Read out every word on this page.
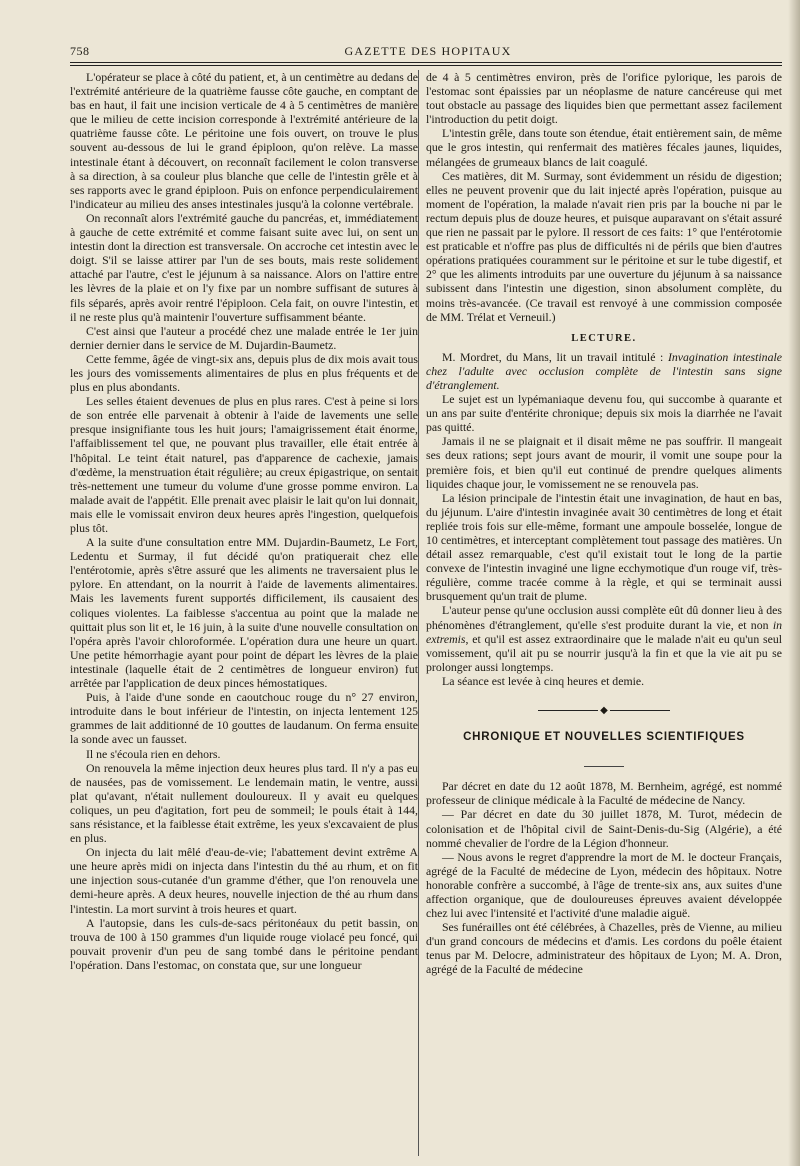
758	GAZETTE DES HOPITAUX

L'opérateur se place à côté du patient, et, à un centimètre au dedans de l'extrémité antérieure de la quatrième fausse côte gauche, en comptant de bas en haut, il fait une incision verticale de 4 à 5 centimètres de manière que le milieu de cette incision corresponde à l'extrémité antérieure de la quatrième fausse côte. Le péritoine une fois ouvert, on trouve le plus souvent au-dessous de lui le grand épiploon, qu'on relève. La masse intestinale étant à découvert, on reconnaît facilement le colon transverse à sa direction, à sa couleur plus blanche que celle de l'intestin grêle et à ses rapports avec le grand épiploon. Puis on enfonce perpendiculairement l'indicateur au milieu des anses intestinales jusqu'à la colonne vertébrale.

On reconnaît alors l'extrémité gauche du pancréas, et, immédiatement à gauche de cette extrémité et comme faisant suite avec lui, on sent un intestin dont la direction est transversale. On accroche cet intestin avec le doigt. S'il se laisse attirer par l'un de ses bouts, mais reste solidement attaché par l'autre, c'est le jéjunum à sa naissance. Alors on l'attire entre les lèvres de la plaie et on l'y fixe par un nombre suffisant de sutures à fils séparés, après avoir rentré l'épiploon. Cela fait, on ouvre l'intestin, et il ne reste plus qu'à maintenir l'ouverture suffisamment béante.

C'est ainsi que l'auteur a procédé chez une malade entrée le 1er juin dernier dernier dans le service de M. Dujardin-Baumetz.

Cette femme, âgée de vingt-six ans, depuis plus de dix mois avait tous les jours des vomissements alimentaires de plus en plus fréquents et de plus en plus abondants.

Les selles étaient devenues de plus en plus rares. C'est à peine si lors de son entrée elle parvenait à obtenir à l'aide de lavements une selle presque insignifiante tous les huit jours; l'amaigrissement était énorme, l'affaiblissement tel que, ne pouvant plus travailler, elle était entrée à l'hôpital. Le teint était naturel, pas d'apparence de cachexie, jamais d'œdème, la menstruation était régulière; au creux épigastrique, on sentait très-nettement une tumeur du volume d'une grosse pomme environ. La malade avait de l'appétit. Elle prenait avec plaisir le lait qu'on lui donnait, mais elle le vomissait environ deux heures après l'ingestion, quelquefois plus tôt.

A la suite d'une consultation entre MM. Dujardin-Baumetz, Le Fort, Ledentu et Surmay, il fut décidé qu'on pratiquerait chez elle l'entérotomie, après s'être assuré que les aliments ne traversaient plus le pylore. En attendant, on la nourrit à l'aide de lavements alimentaires. Mais les lavements furent supportés difficilement, ils causaient des coliques violentes. La faiblesse s'accentua au point que la malade ne quittait plus son lit et, le 16 juin, à la suite d'une nouvelle consultation on l'opéra après l'avoir chloroformée. L'opération dura une heure un quart. Une petite hémorrhagie ayant pour point de départ les lèvres de la plaie intestinale (laquelle était de 2 centimètres de longueur environ) fut arrêtée par l'application de deux pinces hémostatiques.

Puis, à l'aide d'une sonde en caoutchouc rouge du n° 27 environ, introduite dans le bout inférieur de l'intestin, on injecta lentement 125 grammes de lait additionné de 10 gouttes de laudanum. On ferma ensuite la sonde avec un fausset.

Il ne s'écoula rien en dehors.

On renouvela la même injection deux heures plus tard. Il n'y a pas eu de nausées, pas de vomissement. Le lendemain matin, le ventre, aussi plat qu'avant, n'était nullement douloureux. Il y avait eu quelques coliques, un peu d'agitation, fort peu de sommeil; le pouls était à 144, sans résistance, et la faiblesse était extrême, les yeux s'excavaient de plus en plus.

On injecta du lait mêlé d'eau-de-vie; l'abattement devint extrême A une heure après midi on injecta dans l'intestin du thé au rhum, et on fit une injection sous-cutanée d'un gramme d'éther, que l'on renouvela une demi-heure après. A deux heures, nouvelle injection de thé au rhum dans l'intestin. La mort survint à trois heures et quart.

A l'autopsie, dans les culs-de-sacs péritonéaux du petit bassin, on trouva de 100 à 150 grammes d'un liquide rouge violacé peu foncé, qui pouvait provenir d'un peu de sang tombé dans le péritoine pendant l'opération. Dans l'estomac, on constata que, sur une longueur

de 4 à 5 centimètres environ, près de l'orifice pylorique, les parois de l'estomac sont épaissies par un néoplasme de nature cancéreuse qui met tout obstacle au passage des liquides bien que permettant assez facilement l'introduction du petit doigt.

L'intestin grêle, dans toute son étendue, était entièrement sain, de même que le gros intestin, qui renfermait des matières fécales jaunes, liquides, mélangées de grumeaux blancs de lait coagulé.

Ces matières, dit M. Surmay, sont évidemment un résidu de digestion; elles ne peuvent provenir que du lait injecté après l'opération, puisque au moment de l'opération, la malade n'avait rien pris par la bouche ni par le rectum depuis plus de douze heures, et puisque auparavant on s'était assuré que rien ne passait par le pylore. Il ressort de ces faits: 1° que l'entérotomie est praticable et n'offre pas plus de difficultés ni de périls que bien d'autres opérations pratiquées couramment sur le péritoine et sur le tube digestif, et 2° que les aliments introduits par une ouverture du jéjunum à sa naissance subissent dans l'intestin une digestion, sinon absolument complète, du moins très-avancée. (Ce travail est renvoyé à une commission composée de MM. Trélat et Verneuil.)

LECTURE.

M. Mordret, du Mans, lit un travail intitulé : Invagination intestinale chez l'adulte avec occlusion complète de l'intestin sans signe d'étranglement.

Le sujet est un lypémaniaque devenu fou, qui succombe à quarante et un ans par suite d'entérite chronique; depuis six mois la diarrhée ne l'avait pas quitté.

Jamais il ne se plaignait et il disait même ne pas souffrir. Il mangeait ses deux rations; sept jours avant de mourir, il vomit une soupe pour la première fois, et bien qu'il eut continué de prendre quelques aliments liquides chaque jour, le vomissement ne se renouvela pas.

La lésion principale de l'intestin était une invagination, de haut en bas, du jéjunum. L'aire d'intestin invaginée avait 30 centimètres de long et était repliée trois fois sur elle-même, formant une ampoule bosselée, longue de 10 centimètres, et interceptant complètement tout passage des matières. Un détail assez remarquable, c'est qu'il existait tout le long de la partie convexe de l'intestin invaginé une ligne ecchymotique d'un rouge vif, très-régulière, comme tracée comme à la règle, et qui se terminait aussi brusquement qu'un trait de plume.

L'auteur pense qu'une occlusion aussi complète eût dû donner lieu à des phénomènes d'étranglement, qu'elle s'est produite durant la vie, et non in extremis, et qu'il est assez extraordinaire que le malade n'ait eu qu'un seul vomissement, qu'il ait pu se nourrir jusqu'à la fin et que la vie ait pu se prolonger aussi longtemps.

La séance est levée à cinq heures et demie.

◆
CHRONIQUE ET NOUVELLES SCIENTIFIQUES

Par décret en date du 12 août 1878, M. Bernheim, agrégé, est nommé professeur de clinique médicale à la Faculté de médecine de Nancy.

— Par décret en date du 30 juillet 1878, M. Turot, médecin de colonisation et de l'hôpital civil de Saint-Denis-du-Sig (Algérie), a été nommé chevalier de l'ordre de la Légion d'honneur.

— Nous avons le regret d'apprendre la mort de M. le docteur Français, agrégé de la Faculté de médecine de Lyon, médecin des hôpitaux. Notre honorable confrère a succombé, à l'âge de trente-six ans, aux suites d'une affection organique, que de douloureuses épreuves avaient développée chez lui avec l'intensité et l'activité d'une maladie aiguë.

Ses funérailles ont été célébrées, à Chazelles, près de Vienne, au milieu d'un grand concours de médecins et d'amis. Les cordons du poêle étaient tenus par M. Delocre, administrateur des hôpitaux de Lyon; M. A. Dron, agrégé de la Faculté de médecine
